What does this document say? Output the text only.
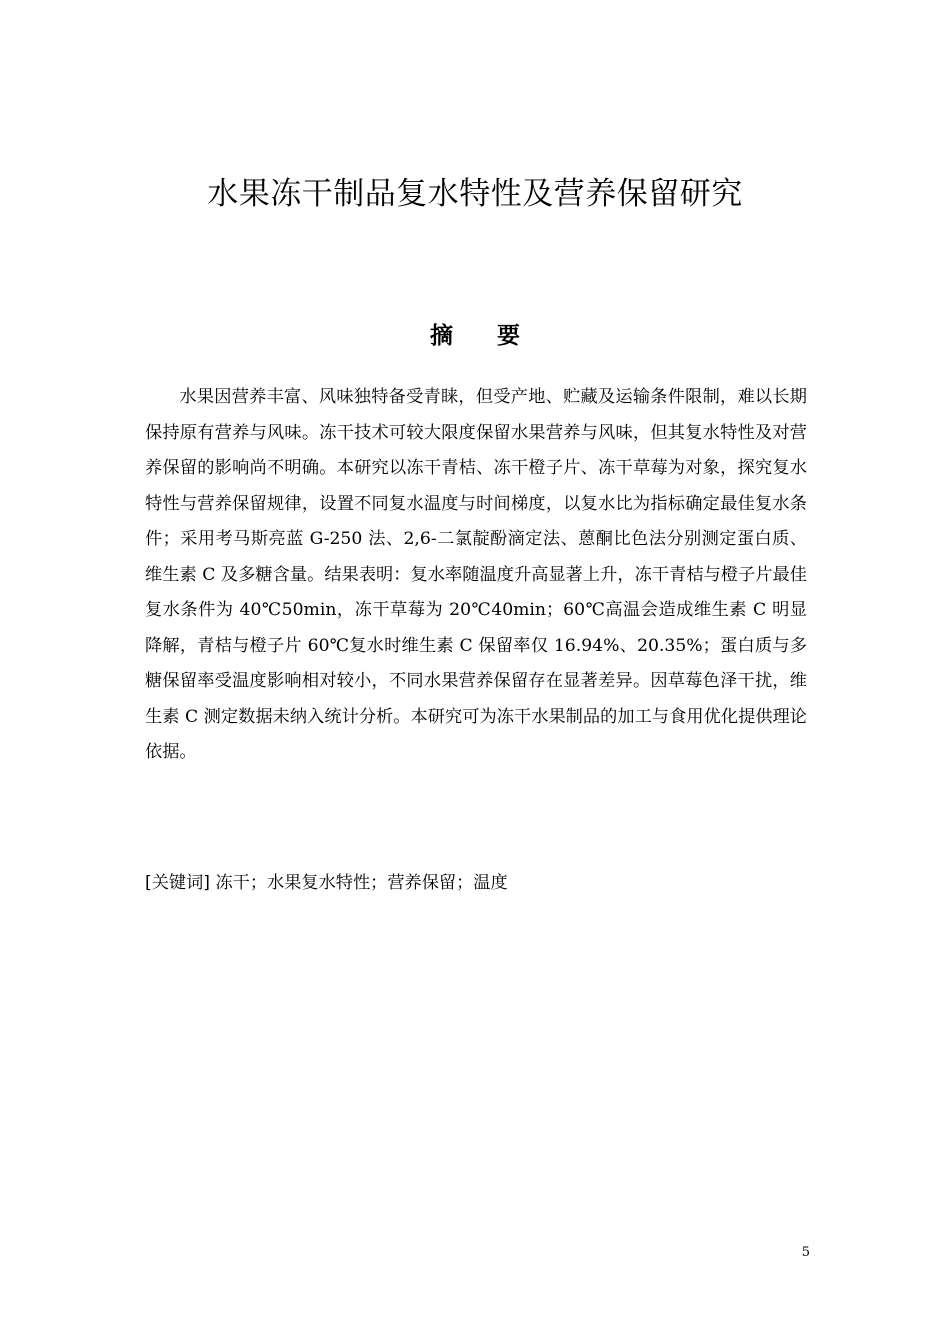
水果冻干制品复水特性及营养保留研究
摘 要

水果因营养丰富、风味独特备受青睐，但受产地、贮藏及运输条件限制，难以长期保持原有营养与风味。冻干技术可较大限度保留水果营养与风味，但其复水特性及对营养保留的影响尚不明确。本研究以冻干青桔、冻干橙子片、冻干草莓为对象，探究复水特性与营养保留规律，设置不同复水温度与时间梯度，以复水比为指标确定最佳复水条件；采用考马斯亮蓝 G-250 法、2,6-二氯靛酚滴定法、蒽酮比色法分别测定蛋白质、维生素 C 及多糖含量。结果表明：复水率随温度升高显著上升，冻干青桔与橙子片最佳复水条件为 40℃50min，冻干草莓为 20℃40min；60℃高温会造成维生素 C 明显降解，青桔与橙子片 60℃复水时维生素 C 保留率仅 16.94%、20.35%；蛋白质与多糖保留率受温度影响相对较小，不同水果营养保留存在显著差异。因草莓色泽干扰，维生素 C 测定数据未纳入统计分析。本研究可为冻干水果制品的加工与食用优化提供理论依据。

[关键词] 冻干；水果复水特性；营养保留；温度

5
